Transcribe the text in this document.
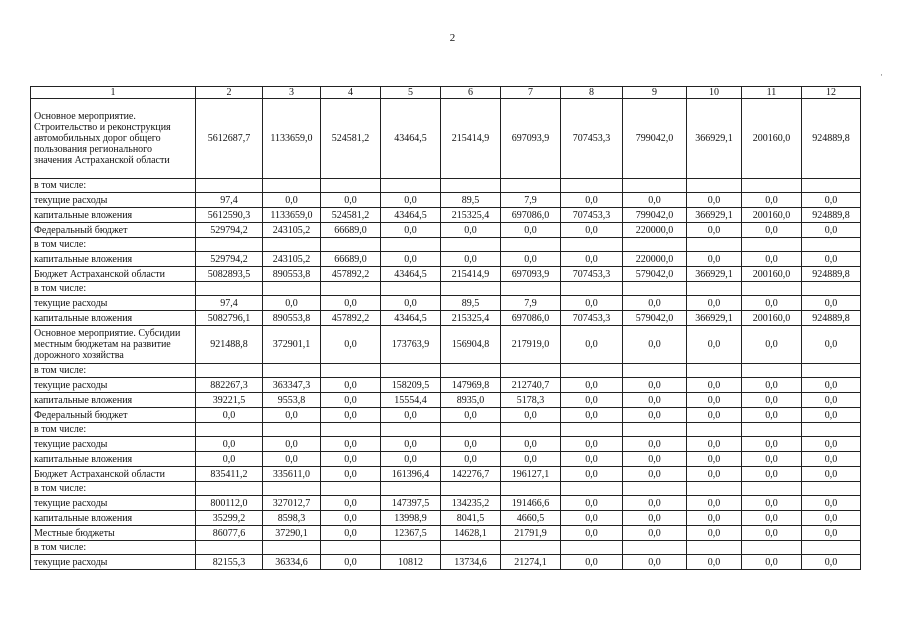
2
·
1	2	3	4	5	6	7	8	9	10	11	12
Основное мероприятие. Строительство и реконструкция автомобильных дорог общего пользования регионального значения Астраханской области	5612687,7	1133659,0	524581,2	43464,5	215414,9	697093,9	707453,3	799042,0	366929,1	200160,0	924889,8
в том числе:											
текущие расходы	97,4	0,0	0,0	0,0	89,5	7,9	0,0	0,0	0,0	0,0	0,0
капитальные вложения	5612590,3	1133659,0	524581,2	43464,5	215325,4	697086,0	707453,3	799042,0	366929,1	200160,0	924889,8
Федеральный бюджет	529794,2	243105,2	66689,0	0,0	0,0	0,0	0,0	220000,0	0,0	0,0	0,0
в том числе:											
капитальные вложения	529794,2	243105,2	66689,0	0,0	0,0	0,0	0,0	220000,0	0,0	0,0	0,0
Бюджет Астраханской области	5082893,5	890553,8	457892,2	43464,5	215414,9	697093,9	707453,3	579042,0	366929,1	200160,0	924889,8
в том числе:											
текущие расходы	97,4	0,0	0,0	0,0	89,5	7,9	0,0	0,0	0,0	0,0	0,0
капитальные вложения	5082796,1	890553,8	457892,2	43464,5	215325,4	697086,0	707453,3	579042,0	366929,1	200160,0	924889,8
Основное мероприятие. Субсидии местным бюджетам на развитие дорожного хозяйства	921488,8	372901,1	0,0	173763,9	156904,8	217919,0	0,0	0,0	0,0	0,0	0,0
в том числе:											
текущие расходы	882267,3	363347,3	0,0	158209,5	147969,8	212740,7	0,0	0,0	0,0	0,0	0,0
капитальные вложения	39221,5	9553,8	0,0	15554,4	8935,0	5178,3	0,0	0,0	0,0	0,0	0,0
Федеральный бюджет	0,0	0,0	0,0	0,0	0,0	0,0	0,0	0,0	0,0	0,0	0,0
в том числе:											
текущие расходы	0,0	0,0	0,0	0,0	0,0	0,0	0,0	0,0	0,0	0,0	0,0
капитальные вложения	0,0	0,0	0,0	0,0	0,0	0,0	0,0	0,0	0,0	0,0	0,0
Бюджет Астраханской области	835411,2	335611,0	0,0	161396,4	142276,7	196127,1	0,0	0,0	0,0	0,0	0,0
в том числе:											
текущие расходы	800112,0	327012,7	0,0	147397,5	134235,2	191466,6	0,0	0,0	0,0	0,0	0,0
капитальные вложения	35299,2	8598,3	0,0	13998,9	8041,5	4660,5	0,0	0,0	0,0	0,0	0,0
Местные бюджеты	86077,6	37290,1	0,0	12367,5	14628,1	21791,9	0,0	0,0	0,0	0,0	0,0
в том числе:											
текущие расходы	82155,3	36334,6	0,0	10812	13734,6	21274,1	0,0	0,0	0,0	0,0	0,0
